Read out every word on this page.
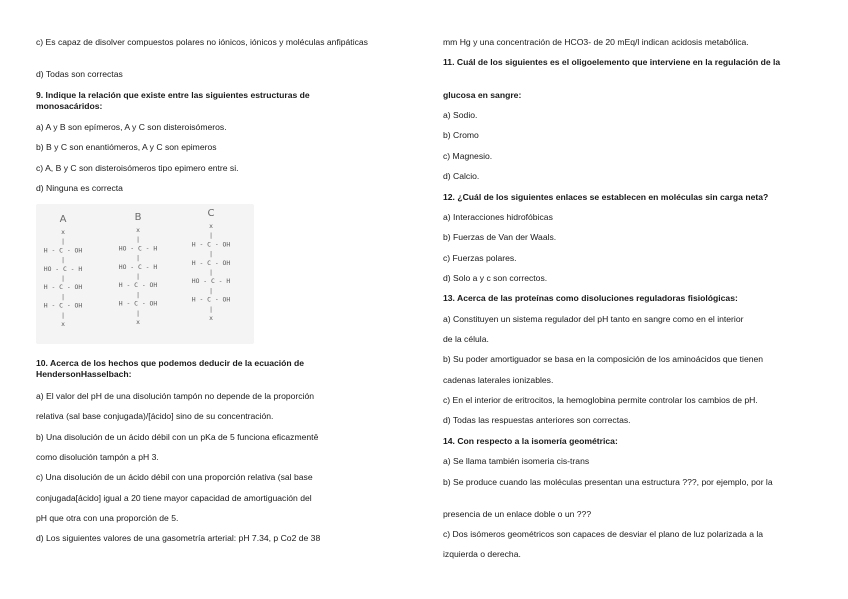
c) Es capaz de disolver compuestos polares no iónicos, iónicos y moléculas anfipáticas
d) Todas son correctas
9. Indique la relación que existe entre las siguientes estructuras de monosacáridos:
a) A y B son epímeros, A y C son disteroisómeros.
b) B y C son enantiómeros, A y C son epimeros
c) A, B y C son disteroisómeros tipo epimero entre si.
d) Ninguna es correcta
A	B	C
x
|
H - C - OH
|
HO - C - H
|
H - C - OH
|
H - C - OH
|
x
x
|
HO - C - H
|
HO - C - H
|
H - C - OH
|
H - C - OH
|
x
x
|
H - C - OH
|
H - C - OH
|
HO - C - H
|
H - C - OH
|
x
10. Acerca de los hechos que podemos deducir de la ecuación de HendersonHasselbach:
a) El valor del pH de una disolución tampón no depende de la proporción
relativa (sal base conjugada)/[ácido] sino de su concentración.
b) Una disolución de un ácido débil con un pKa de 5 funciona eficazmentē
como disolución tampón a pH 3.
c) Una disolución de un ácido débil con una proporción relativa (sal base
conjugada[ácido] igual a 20 tiene mayor capacidad de amortiguación del
pH que otra con una proporción de 5.
d) Los siguientes valores de una gasometría arterial: pH 7.34, p Co2 de 38
mm Hg y una concentración de HCO3- de 20 mEq/l indican acidosis metabólica.
11. Cuál de los siguientes es el oligoelemento que interviene en la regulación de la
glucosa en sangre:
a) Sodio.
b) Cromo
c) Magnesio.
d) Calcio.
12. ¿Cuál de los siguientes enlaces se establecen en moléculas sin carga neta?
a) Interacciones hidrofóbicas
b) Fuerzas de Van der Waals.
c) Fuerzas polares.
d) Solo a y c son correctos.
13. Acerca de las proteínas como disoluciones reguladoras fisiológicas:
a) Constituyen un sistema regulador del pH tanto en sangre como en el interior
de la célula.
b) Su poder amortiguador se basa en la composición de los aminoácidos que tienen
cadenas laterales ionizables.
c) En el interior de eritrocitos, la hemoglobina permite controlar los cambios de pH.
d) Todas las respuestas anteriores son correctas.
14. Con respecto a la isomería geométrica:
a) Se llama también isomeria cis-trans
b) Se produce cuando las moléculas presentan una estructura ???, por ejemplo, por la
presencia de un enlace doble o un ???
c) Dos isómeros geométricos son capaces de desviar el plano de luz polarizada a la
izquierda o derecha.
